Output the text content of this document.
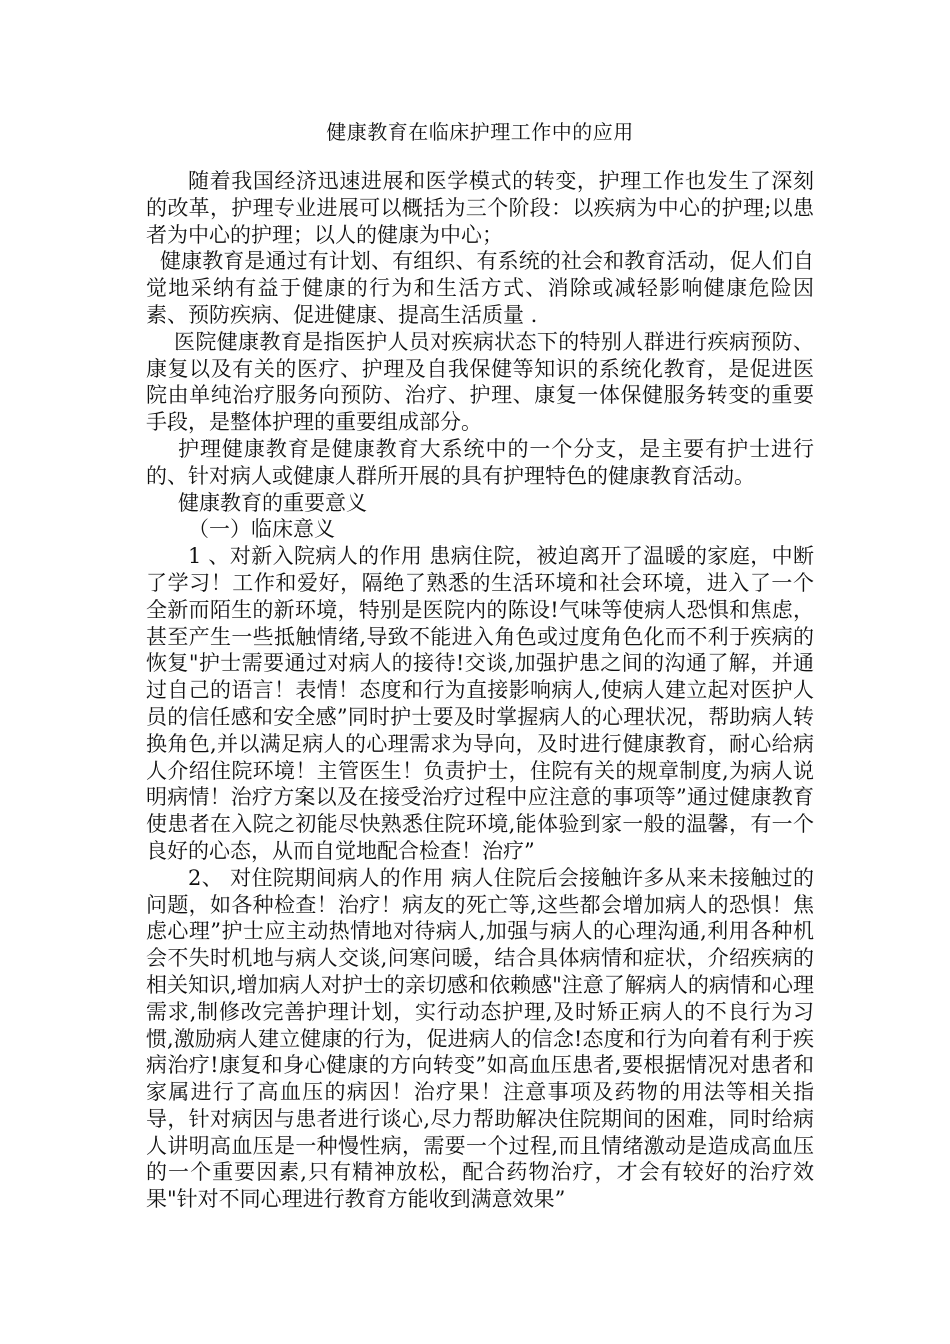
健康教育在临床护理工作中的应用

随着我国经济迅速进展和医学模式的转变，护理工作也发生了深刻的改革，护理专业进展可以概括为三个阶段：以疾病为中心的护理;以患者为中心的护理；以人的健康为中心；

健康教育是通过有计划、有组织、有系统的社会和教育活动，促人们自觉地采纳有益于健康的行为和生活方式、消除或减轻影响健康危险因素、预防疾病、促进健康、提高生活质量 .

医院健康教育是指医护人员对疾病状态下的特别人群进行疾病预防、康复以及有关的医疗、护理及自我保健等知识的系统化教育，是促进医院由单纯治疗服务向预防、治疗、护理、康复一体保健服务转变的重要手段，是整体护理的重要组成部分。

护理健康教育是健康教育大系统中的一个分支，是主要有护士进行的、针对病人或健康人群所开展的具有护理特色的健康教育活动。

健康教育的重要意义

（一）临床意义

1 、对新入院病人的作用 患病住院，被迫离开了温暖的家庭，中断了学习！工作和爱好，隔绝了熟悉的生活环境和社会环境，进入了一个全新而陌生的新环境，特别是医院内的陈设!气味等使病人恐惧和焦虑，甚至产生一些抵触情绪,导致不能进入角色或过度角色化而不利于疾病的恢复"护士需要通过对病人的接待!交谈,加强护患之间的沟通了解，并通过自己的语言！表情！态度和行为直接影响病人,使病人建立起对医护人员的信任感和安全感”同时护士要及时掌握病人的心理状况，帮助病人转换角色,并以满足病人的心理需求为导向，及时进行健康教育，耐心给病人介绍住院环境！主管医生！负责护士，住院有关的规章制度,为病人说明病情！治疗方案以及在接受治疗过程中应注意的事项等”通过健康教育使患者在入院之初能尽快熟悉住院环境,能体验到家一般的温馨，有一个良好的心态，从而自觉地配合检查！治疗”

2、 对住院期间病人的作用 病人住院后会接触许多从来未接触过的问题，如各种检查！治疗！病友的死亡等,这些都会增加病人的恐惧！焦虑心理”护士应主动热情地对待病人,加强与病人的心理沟通,利用各种机会不失时机地与病人交谈,问寒问暖，结合具体病情和症状，介绍疾病的相关知识,增加病人对护士的亲切感和依赖感"注意了解病人的病情和心理需求,制修改完善护理计划，实行动态护理,及时矫正病人的不良行为习惯,激励病人建立健康的行为，促进病人的信念!态度和行为向着有利于疾病治疗!康复和身心健康的方向转变”如高血压患者,要根据情况对患者和家属进行了高血压的病因！治疗果！注意事项及药物的用法等相关指导，针对病因与患者进行谈心,尽力帮助解决住院期间的困难，同时给病人讲明高血压是一种慢性病，需要一个过程,而且情绪激动是造成高血压的一个重要因素,只有精神放松，配合药物治疗，才会有较好的治疗效果"针对不同心理进行教育方能收到满意效果”
